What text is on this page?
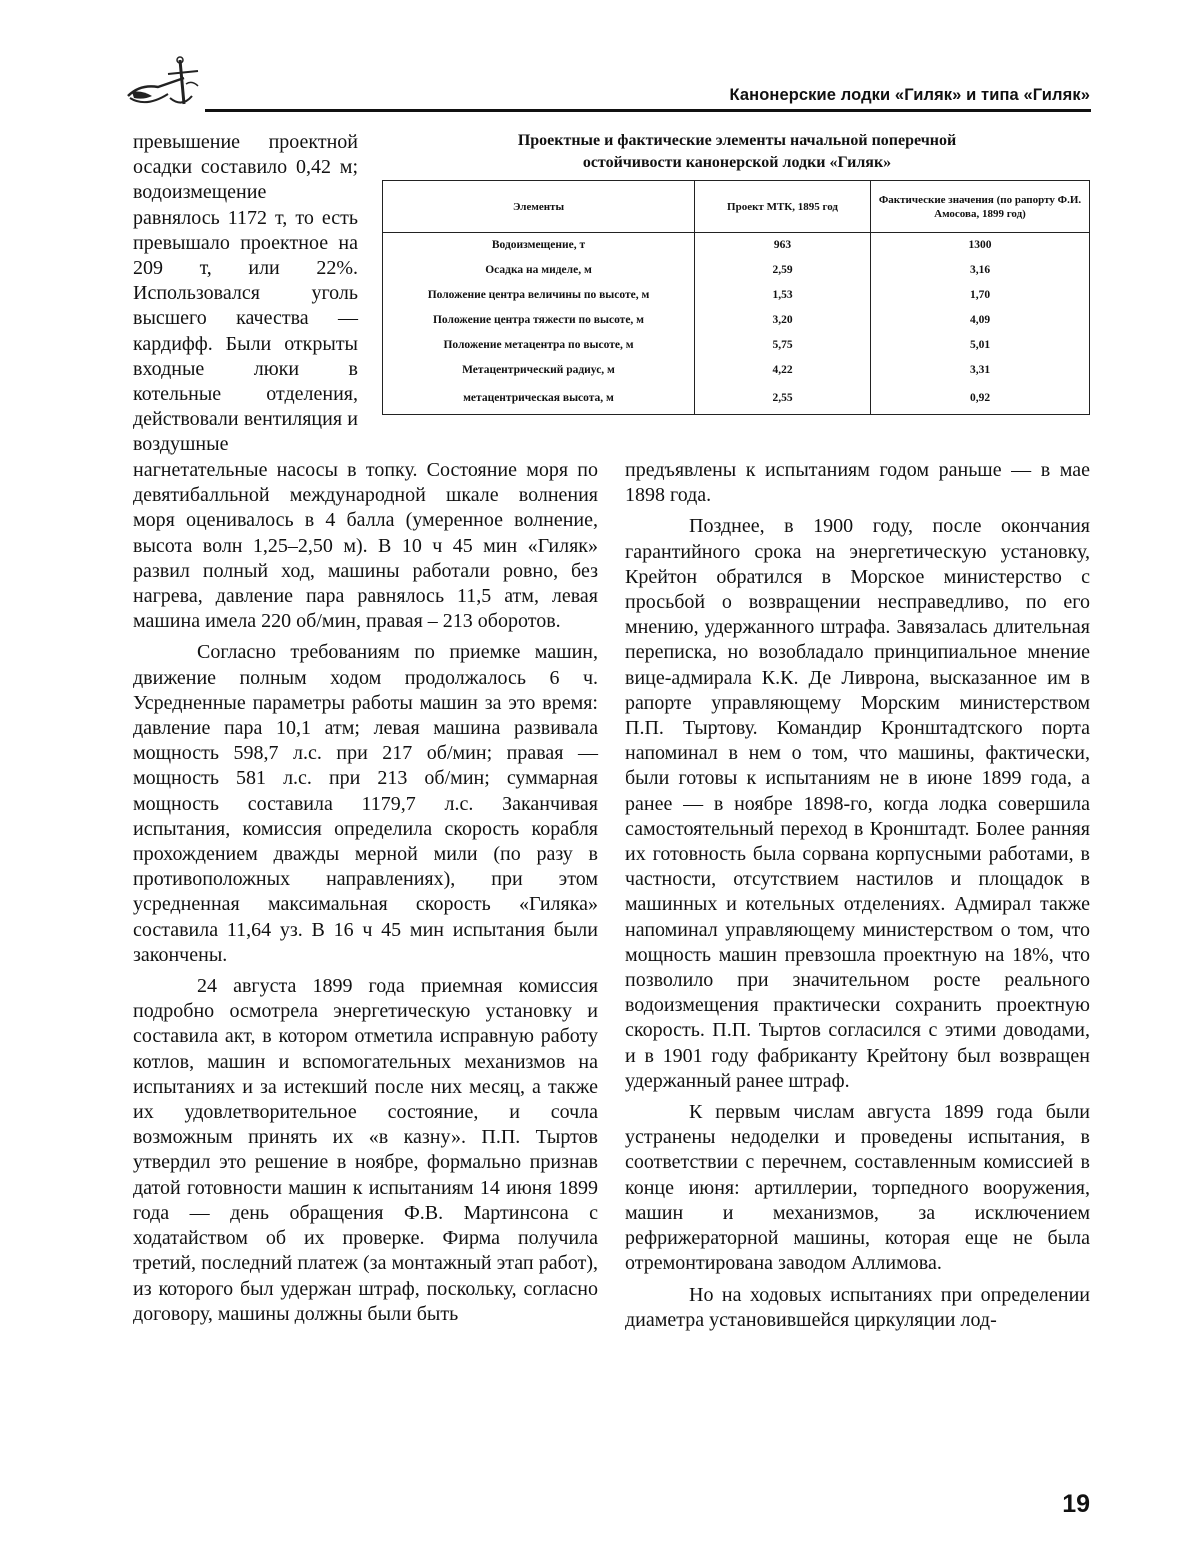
Канонерские лодки «Гиляк» и типа «Гиляк»
превышение проектной осадки составило 0,42 м; водоизмещение равнялось 1172 т, то есть превышало проектное на 209 т, или 22%. Использовался уголь высшего качества — кардифф. Были открыты входные люки в котельные отделения, действовали вентиляция и воздушные
Проектные и фактические элементы начальной поперечной
остойчивости канонерской лодки «Гиляк»
Элементы	Проект МТК, 1895 год	Фактические значения (по рапорту Ф.И. Амосова, 1899 год)
Водоизмещение, т	963	1300
Осадка на миделе, м	2,59	3,16
Положение центра величины по высоте, м	1,53	1,70
Положение центра тяжести по высоте, м	3,20	4,09
Положение метацентра по высоте, м	5,75	5,01
Метацентрический радиус, м	4,22	3,31
метацентрическая высота, м	2,55	0,92

нагнетательные насосы в топку. Состояние моря по девятибалльной международной шкале волнения моря оценивалось в 4 балла (умеренное волнение, высота волн 1,25–2,50 м). В 10 ч 45 мин «Гиляк» развил полный ход, машины работали ровно, без нагрева, давление пара равнялось 11,5 атм, левая машина имела 220 об/мин, правая – 213 оборотов.

Согласно требованиям по приемке машин, движение полным ходом продолжалось 6 ч. Усредненные параметры работы машин за это время: давление пара 10,1 атм; левая машина развивала мощность 598,7 л.с. при 217 об/мин; правая — мощность 581 л.с. при 213 об/мин; суммарная мощность составила 1179,7 л.с. Заканчивая испытания, комиссия определила скорость корабля прохождением дважды мерной мили (по разу в противоположных направлениях), при этом усредненная максимальная скорость «Гиляка» составила 11,64 уз. В 16 ч 45 мин испытания были закончены.

24 августа 1899 года приемная комиссия подробно осмотрела энергетическую установку и составила акт, в котором отметила исправную работу котлов, машин и вспомогательных механизмов на испытаниях и за истекший после них месяц, а также их удовлетворительное состояние, и сочла возможным принять их «в казну». П.П. Тыртов утвердил это решение в ноябре, формально признав датой готовности машин к испытаниям 14 июня 1899 года — день обращения Ф.В. Мартинсона с ходатайством об их проверке. Фирма получила третий, последний платеж (за монтажный этап работ), из которого был удержан штраф, поскольку, согласно договору, машины должны были быть

предъявлены к испытаниям годом раньше — в мае 1898 года.

Позднее, в 1900 году, после окончания гарантийного срока на энергетическую установку, Крейтон обратился в Морское министерство с просьбой о возвращении несправедливо, по его мнению, удержанного штрафа. Завязалась длительная переписка, но возобладало принципиальное мнение вице-адмирала К.К. Де Ливрона, высказанное им в рапорте управляющему Морским министерством П.П. Тыртову. Командир Кронштадтского порта напоминал в нем о том, что машины, фактически, были готовы к испытаниям не в июне 1899 года, а ранее — в ноябре 1898-го, когда лодка совершила самостоятельный переход в Кронштадт. Более ранняя их готовность была сорвана корпусными работами, в частности, отсутствием настилов и площадок в машинных и котельных отделениях. Адмирал также напоминал управляющему министерством о том, что мощность машин превзошла проектную на 18%, что позволило при значительном росте реального водоизмещения практически сохранить проектную скорость. П.П. Тыртов согласился с этими доводами, и в 1901 году фабриканту Крейтону был возвращен удержанный ранее штраф.

К первым числам августа 1899 года были устранены недоделки и проведены испытания, в соответствии с перечнем, составленным комиссией в конце июня: артиллерии, торпедного вооружения, машин и механизмов, за исключением рефрижераторной машины, которая еще не была отремонтирована заводом Аллимова.

Но на ходовых испытаниях при определении диаметра установившейся циркуляции лод-

19
